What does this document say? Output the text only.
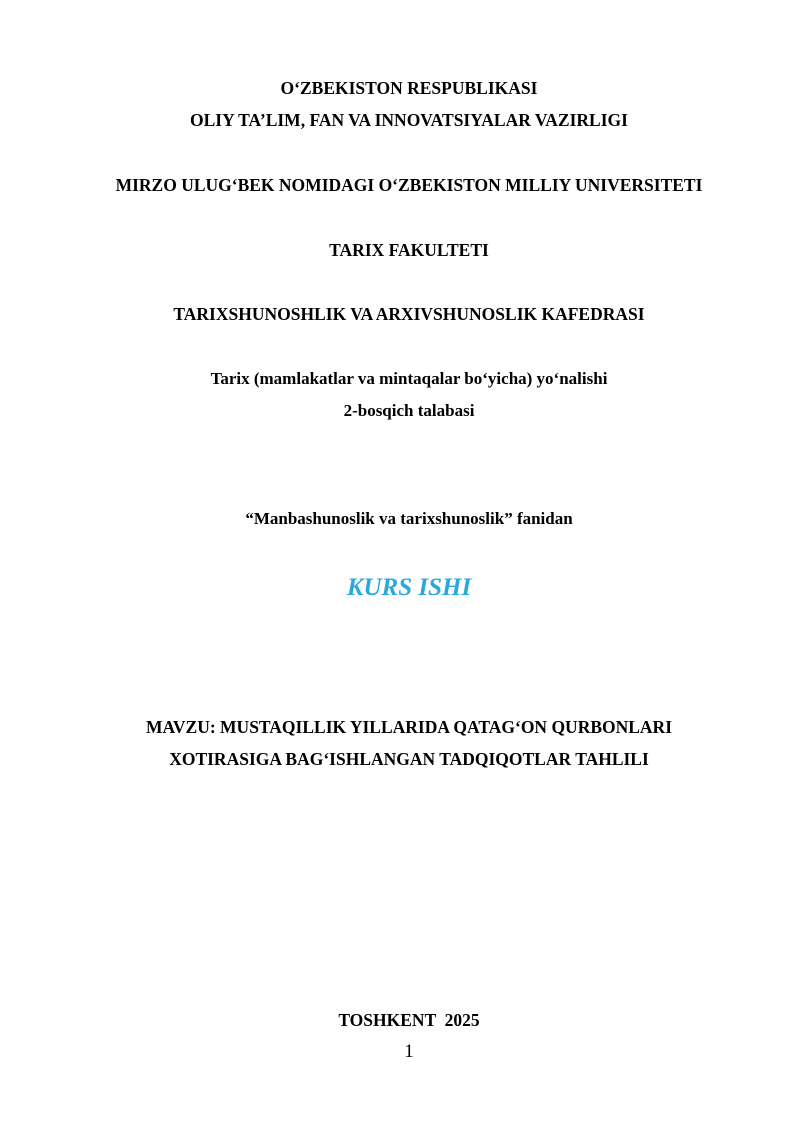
O‘ZBEKISTON RESPUBLIKASI
OLIY TA’LIM, FAN VA INNOVATSIYALAR VAZIRLIGI
MIRZO ULUG‘BEK NOMIDAGI O‘ZBEKISTON MILLIY UNIVERSITETI
TARIX FAKULTETI
TARIXSHUNOSHLIK VA ARXIVSHUNOSLIK KAFEDRASI
Tarix (mamlakatlar va mintaqalar bo‘yicha) yo‘nalishi
2-bosqich talabasi
“Manbashunoslik va tarixshunoslik” fanidan
KURS ISHI
MAVZU: MUSTAQILLIK YILLARIDA QATAG‘ON QURBONLARI
XOTIRASIGA BAG‘ISHLANGAN TADQIQOTLAR TAHLILI
TOSHKENT  2025
1
